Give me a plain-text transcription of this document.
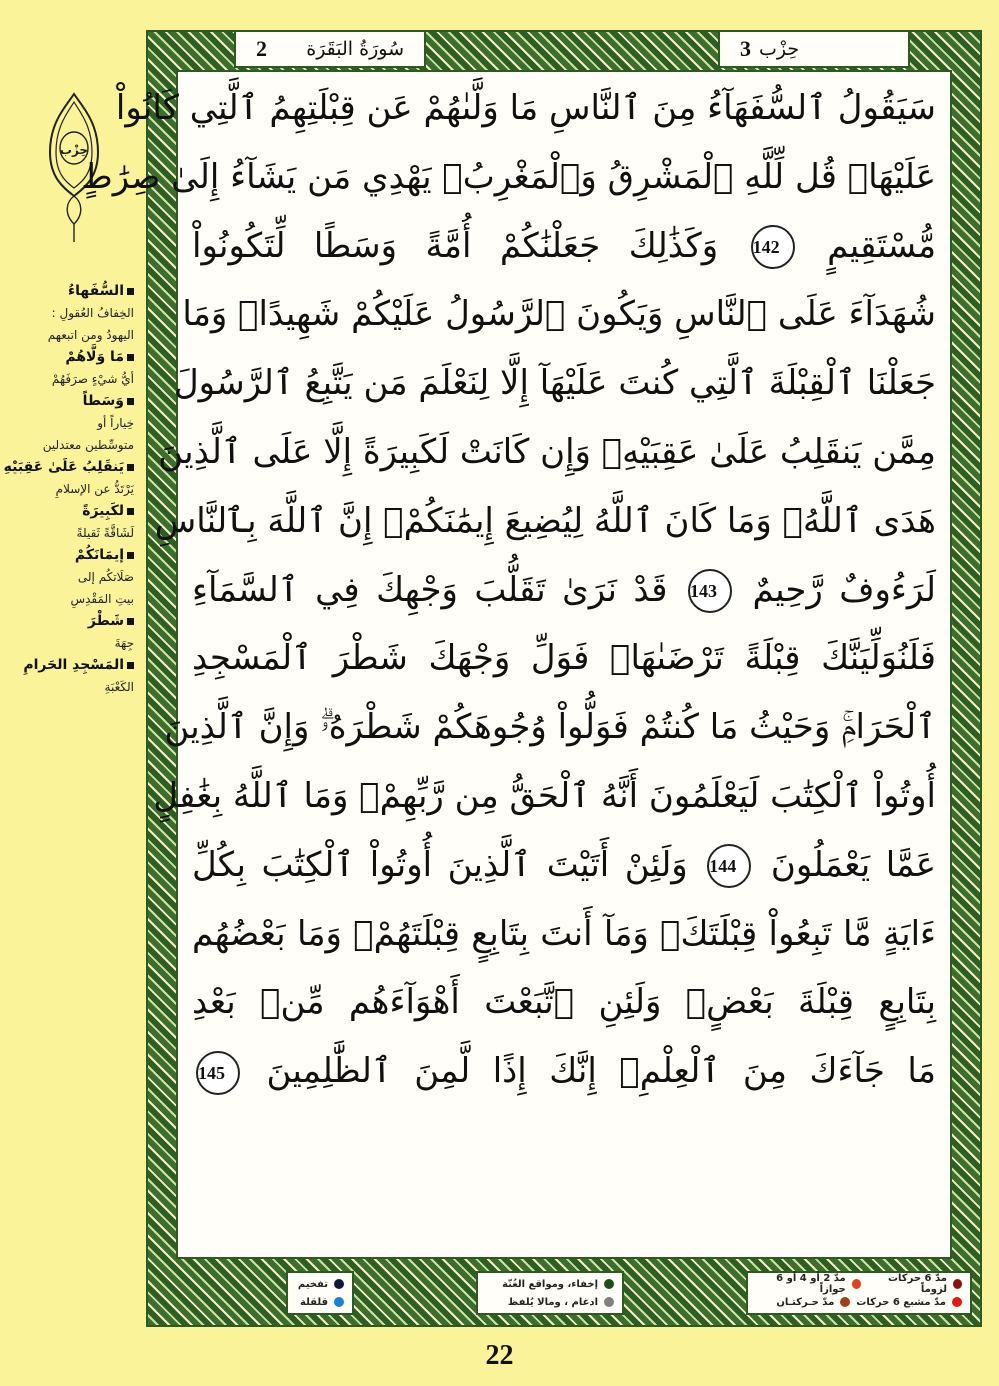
حِزْب
السُّفَهاءُ
الخِفافُ العُقولِ :
اليهودُ ومن اتبعهم
مَا وَلَّاهُمْ
أيُّ شيْءٍ صرَفَهُمْ
وَسَطاً
خِياراً أو
متوسِّطين معتدلين
يَنقَلِبُ عَلَىٰ عَقِبَيْهِ
يَرْتَدُّ عن الإسلامِ
لكَبِيرَةً
لَشَاقَّةً ثَقيلةً
إيمَانَكُمْ
صَلَاتكُم إلى
بيتِ المَقْدِسِ
شَطْرَ
جِهَةَ
المَسْجِدِ الحَرامِ
الكَعْبَةِ
2 سُورَةُ البَقَرَة	3 حِزْب
سَيَقُولُ ٱلسُّفَهَآءُ مِنَ ٱلنَّاسِ مَا وَلَّىٰهُمْ عَن قِبْلَتِهِمُ ٱلَّتِي كَانُواْ
عَلَيْهَاۚ قُل لِّلَّهِ ٱلْمَشْرِقُ وَٱلْمَغْرِبُۚ يَهْدِي مَن يَشَآءُ إِلَىٰ صِرَٰطٍ
مُّسْتَقِيمٍ 142 وَكَذَٰلِكَ جَعَلْنَٰكُمْ أُمَّةً وَسَطًا لِّتَكُونُواْ
شُهَدَآءَ عَلَى ٱلنَّاسِ وَيَكُونَ ٱلرَّسُولُ عَلَيْكُمْ شَهِيدًاۗ وَمَا
جَعَلْنَا ٱلْقِبْلَةَ ٱلَّتِي كُنتَ عَلَيْهَآ إِلَّا لِنَعْلَمَ مَن يَتَّبِعُ ٱلرَّسُولَ
مِمَّن يَنقَلِبُ عَلَىٰ عَقِبَيْهِۚ وَإِن كَانَتْ لَكَبِيرَةً إِلَّا عَلَى ٱلَّذِينَ
هَدَى ٱللَّهُۗ وَمَا كَانَ ٱللَّهُ لِيُضِيعَ إِيمَٰنَكُمْۚ إِنَّ ٱللَّهَ بِٱلنَّاسِ
لَرَءُوفٌ رَّحِيمٌ 143 قَدْ نَرَىٰ تَقَلُّبَ وَجْهِكَ فِي ٱلسَّمَآءِ
فَلَنُوَلِّيَنَّكَ قِبْلَةً تَرْضَىٰهَاۚ فَوَلِّ وَجْهَكَ شَطْرَ ٱلْمَسْجِدِ
ٱلْحَرَامِۚ وَحَيْثُ مَا كُنتُمْ فَوَلُّواْ وُجُوهَكُمْ شَطْرَهُۥۗ وَإِنَّ ٱلَّذِينَ
أُوتُواْ ٱلْكِتَٰبَ لَيَعْلَمُونَ أَنَّهُ ٱلْحَقُّ مِن رَّبِّهِمْۗ وَمَا ٱللَّهُ بِغَٰفِلٍ
عَمَّا يَعْمَلُونَ 144 وَلَئِنْ أَتَيْتَ ٱلَّذِينَ أُوتُواْ ٱلْكِتَٰبَ بِكُلِّ
ءَايَةٍ مَّا تَبِعُواْ قِبْلَتَكَۚ وَمَآ أَنتَ بِتَابِعٍ قِبْلَتَهُمْۚ وَمَا بَعْضُهُم
بِتَابِعٍ قِبْلَةَ بَعْضٍۚ وَلَئِنِ ٱتَّبَعْتَ أَهْوَآءَهُم مِّنۢ بَعْدِ
مَا جَآءَكَ مِنَ ٱلْعِلْمِۙ إِنَّكَ إِذًا لَّمِنَ ٱلظَّٰلِمِينَ 145
تفخيم
قلقلة
إخفاء، ومواقع الغُنّة
ادغام ، ومالا يُلفظ
مدّ 6 حركات لزوماً
مدّ 2 أو 4 أو 6 جوازاً
مدّ مشبع 6 حركات
مدّ حـركتـان
22
